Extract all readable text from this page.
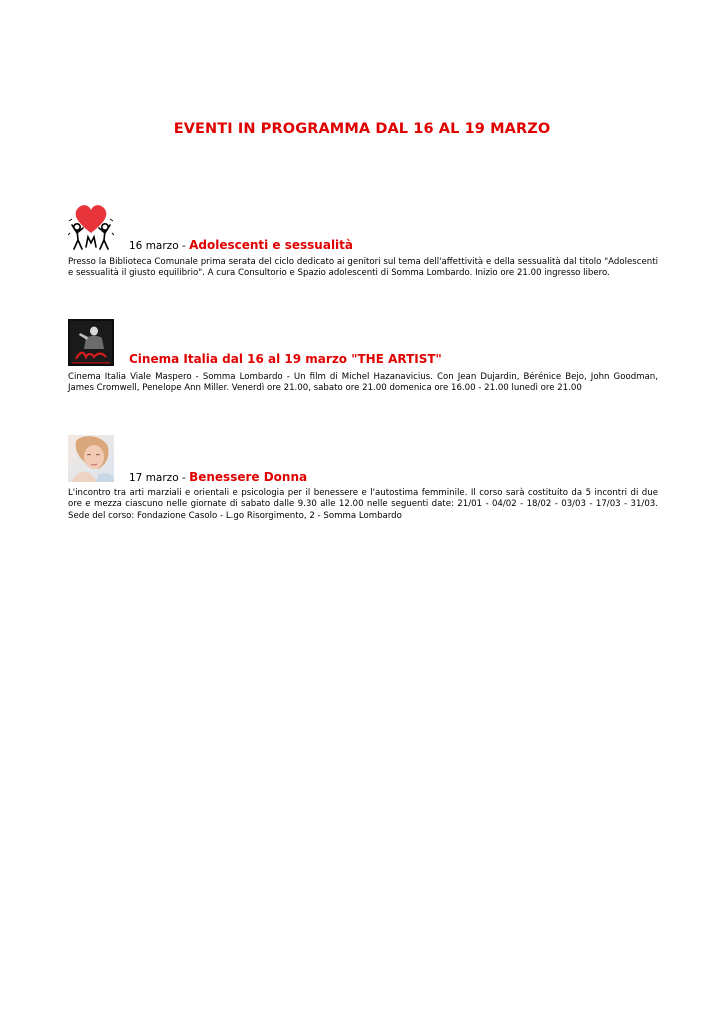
EVENTI IN PROGRAMMA DAL 16 AL 19 MARZO
16 marzo - Adolescenti e sessualità
Presso la Biblioteca Comunale prima serata del ciclo dedicato ai genitori sul tema dell'affettività e della sessualità dal titolo "Adolescenti
e sessualità il giusto equilibrio". A cura Consultorio e Spazio adolescenti di Somma Lombardo. Inizio ore 21.00 ingresso libero.
Cinema Italia dal 16 al 19 marzo "THE ARTIST"
Cinema Italia Viale Maspero - Somma Lombardo - Un film di Michel Hazanavicius. Con Jean Dujardin, Bérénice Bejo, John Goodman,
James Cromwell, Penelope Ann Miller. Venerdì ore 21.00, sabato ore 21.00 domenica ore 16.00 - 21.00 lunedì ore 21.00
17 marzo - Benessere Donna
L'incontro tra arti marziali e orientali e psicologia per il benessere e l'autostima femminile. Il corso sarà costituito da 5 incontri di due
ore e mezza ciascuno nelle giornate di sabato dalle 9.30 alle 12.00 nelle seguenti date: 21/01 - 04/02 - 18/02 - 03/03 - 17/03 - 31/03.
Sede del corso: Fondazione Casolo - L.go Risorgimento, 2 - Somma Lombardo
